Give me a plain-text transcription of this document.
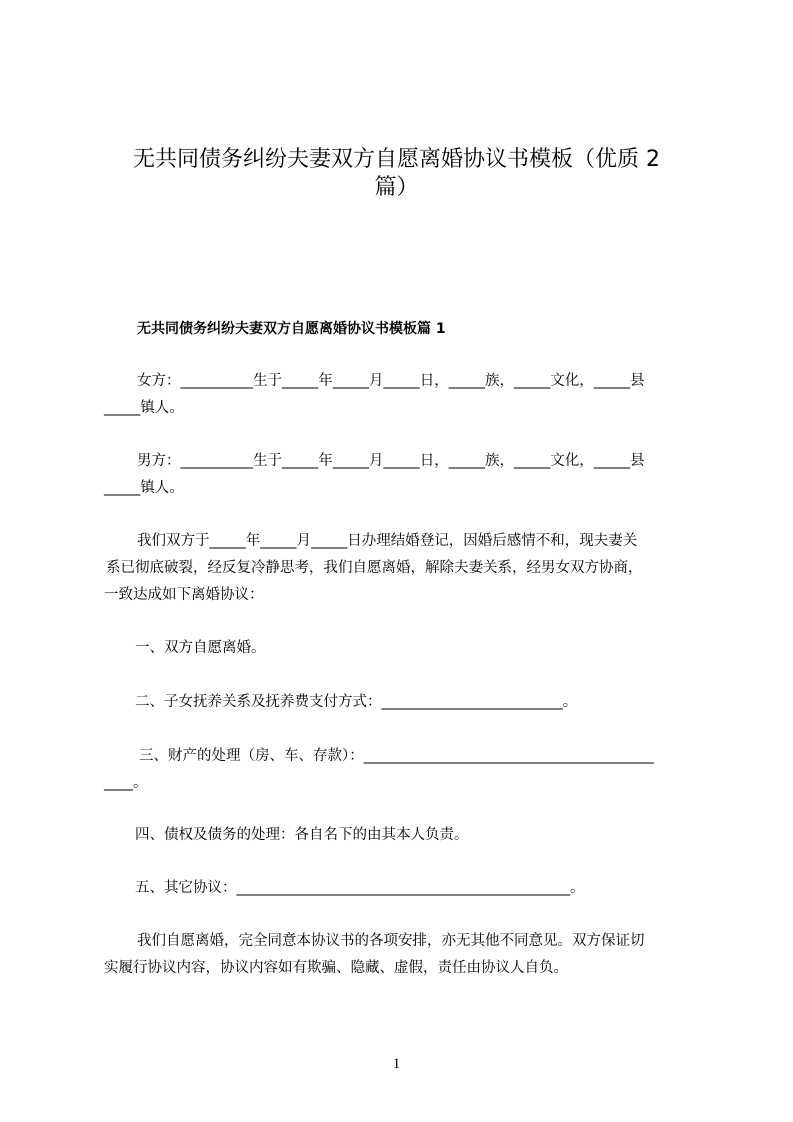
无共同债务纠纷夫妻双方自愿离婚协议书模板（优质 2
篇）
无共同债务纠纷夫妻双方自愿离婚协议书模板篇 1
女方：__________生于_____年_____月_____日，_____族，_____文化，_____县
_____镇人。
男方：__________生于_____年_____月_____日，_____族，_____文化，_____县
_____镇人。
我们双方于_____年_____月_____日办理结婚登记，因婚后感情不和，现夫妻关
系已彻底破裂，经反复冷静思考，我们自愿离婚，解除夫妻关系，经男女双方协商，
一致达成如下离婚协议：
一、双方自愿离婚。
二、子女抚养关系及抚养费支付方式：_________________________。
三、财产的处理（房、车、存款）：________________________________________
____。
四、债权及债务的处理：各自名下的由其本人负责。
五、其它协议：______________________________________________。
我们自愿离婚，完全同意本协议书的各项安排，亦无其他不同意见。双方保证切
实履行协议内容，协议内容如有欺骗、隐藏、虚假，责任由协议人自负。
1
